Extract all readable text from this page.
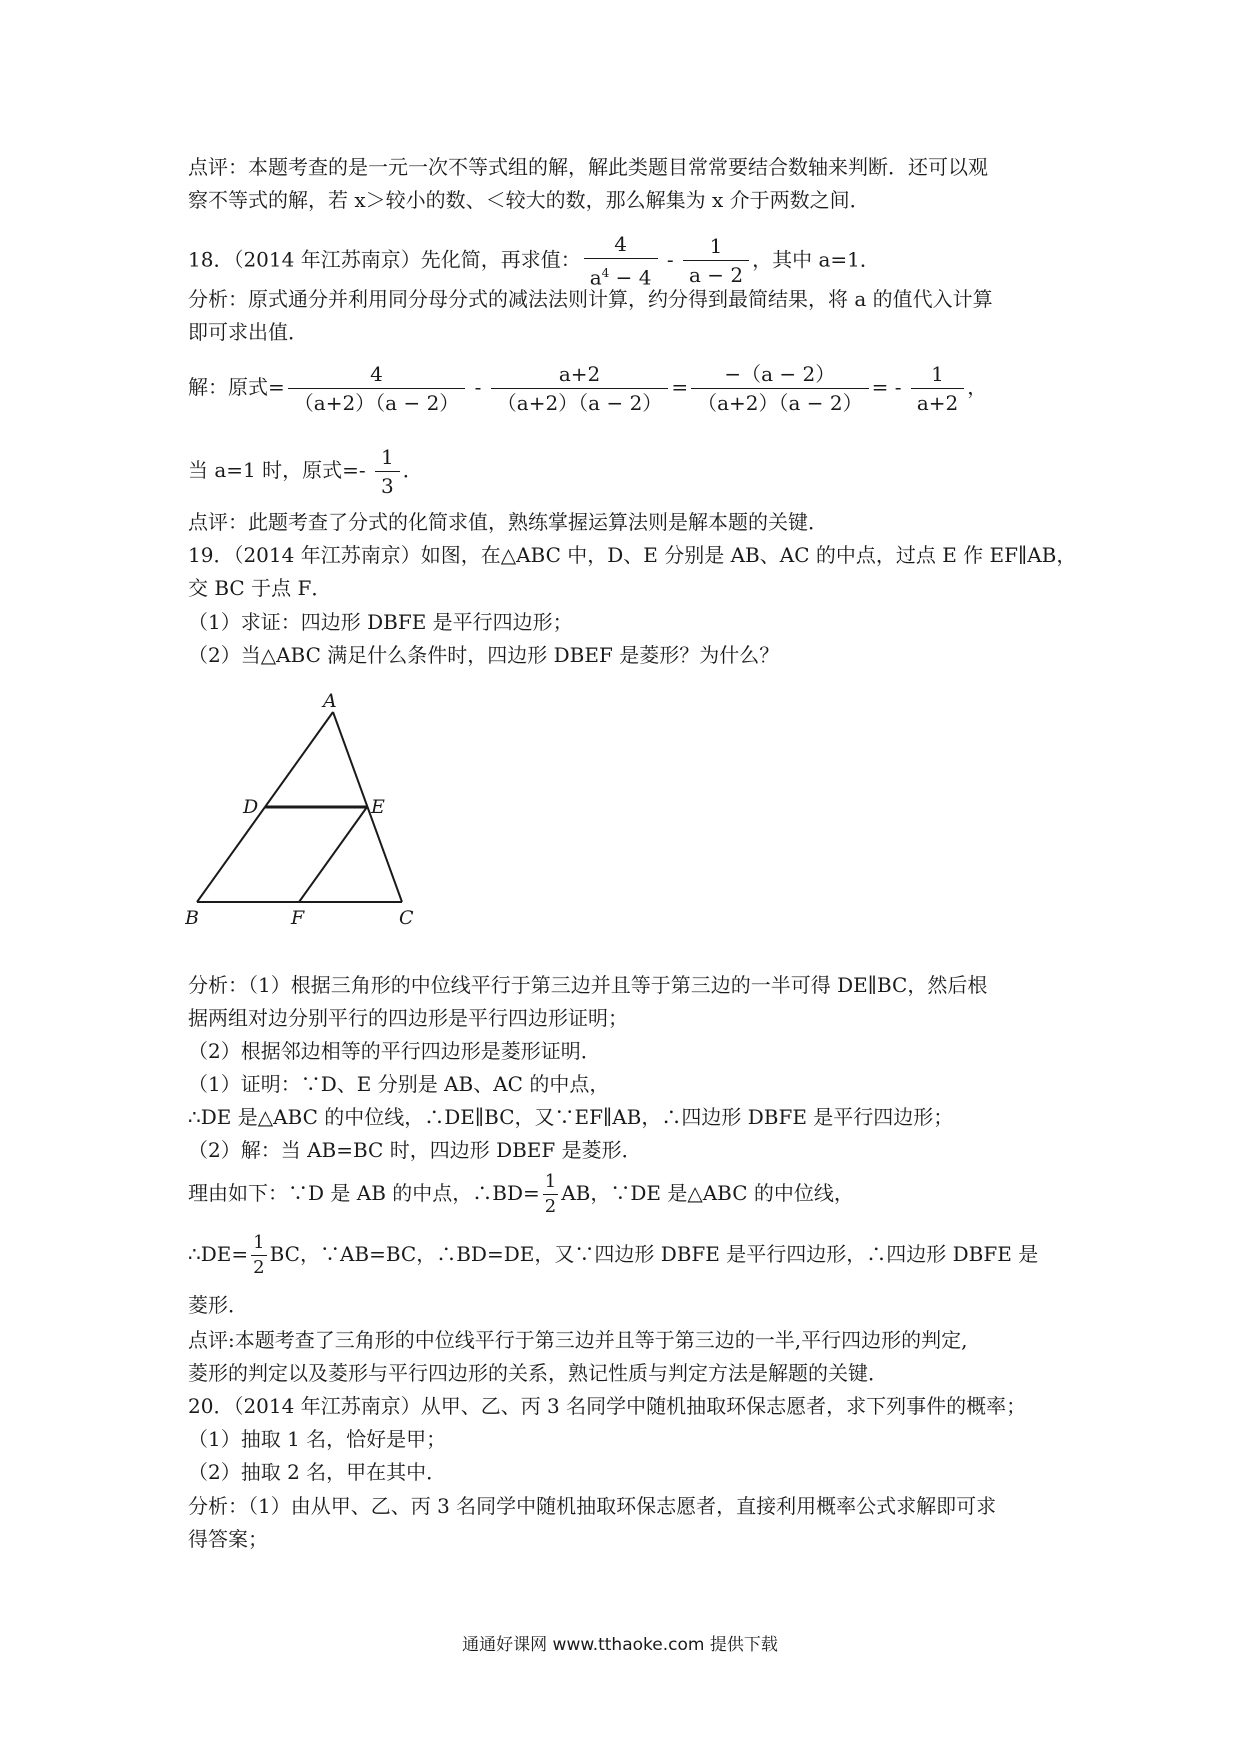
点评：本题考查的是一元一次不等式组的解，解此类题目常常要结合数轴来判断．还可以观
察不等式的解，若 x＞较小的数、＜较大的数，那么解集为 x 介于两数之间．
18．（2014 年江苏南京）先化简，再求值： $\frac{4}{a^4 - 4} - \frac{1}{a - 2}$ ，其中 a=1．
分析：原式通分并利用同分母分式的减法法则计算，约分得到最简结果，将 a 的值代入计算
即可求出值．
解：原式= $\frac{4}{(a+2)(a - 2)} - \frac{a+2}{(a+2)(a - 2)} = \frac{-(a - 2)}{(a+2)(a - 2)}$ = - $\frac{1}{a+2}$ ，
当 a=1 时，原式=- $\frac{1}{3}$ ．
点评：此题考查了分式的化简求值，熟练掌握运算法则是解本题的关键．
19．（2014 年江苏南京）如图，在△ABC 中，D、E 分别是 AB、AC 的中点，过点 E 作 EF∥AB，
交 BC 于点 F．
（1）求证：四边形 DBFE 是平行四边形；
（2）当△ABC 满足什么条件时，四边形 DBEF 是菱形？为什么？
A
D	E
B	F	C
分析：（1）根据三角形的中位线平行于第三边并且等于第三边的一半可得 DE∥BC，然后根
据两组对边分别平行的四边形是平行四边形证明；
（2）根据邻边相等的平行四边形是菱形证明．
（1）证明：∵D、E 分别是 AB、AC 的中点，
∴DE 是△ABC 的中位线，∴DE∥BC，又∵EF∥AB，∴四边形 DBFE 是平行四边形；
（2）解：当 AB=BC 时，四边形 DBEF 是菱形．
理由如下：∵D 是 AB 的中点，∴BD= $\frac{1}{2}$ AB，∵DE 是△ABC 的中位线，
∴DE= $\frac{1}{2}$ BC，∵AB=BC，∴BD=DE，又∵四边形 DBFE 是平行四边形，∴四边形 DBFE 是
菱形．
点评:本题考查了三角形的中位线平行于第三边并且等于第三边的一半,平行四边形的判定,
菱形的判定以及菱形与平行四边形的关系，熟记性质与判定方法是解题的关键．
20．（2014 年江苏南京）从甲、乙、丙 3 名同学中随机抽取环保志愿者，求下列事件的概率；
（1）抽取 1 名，恰好是甲；
（2）抽取 2 名，甲在其中．
分析：（1）由从甲、乙、丙 3 名同学中随机抽取环保志愿者，直接利用概率公式求解即可求
得答案；
通通好课网 www.tthaoke.com 提供下载
